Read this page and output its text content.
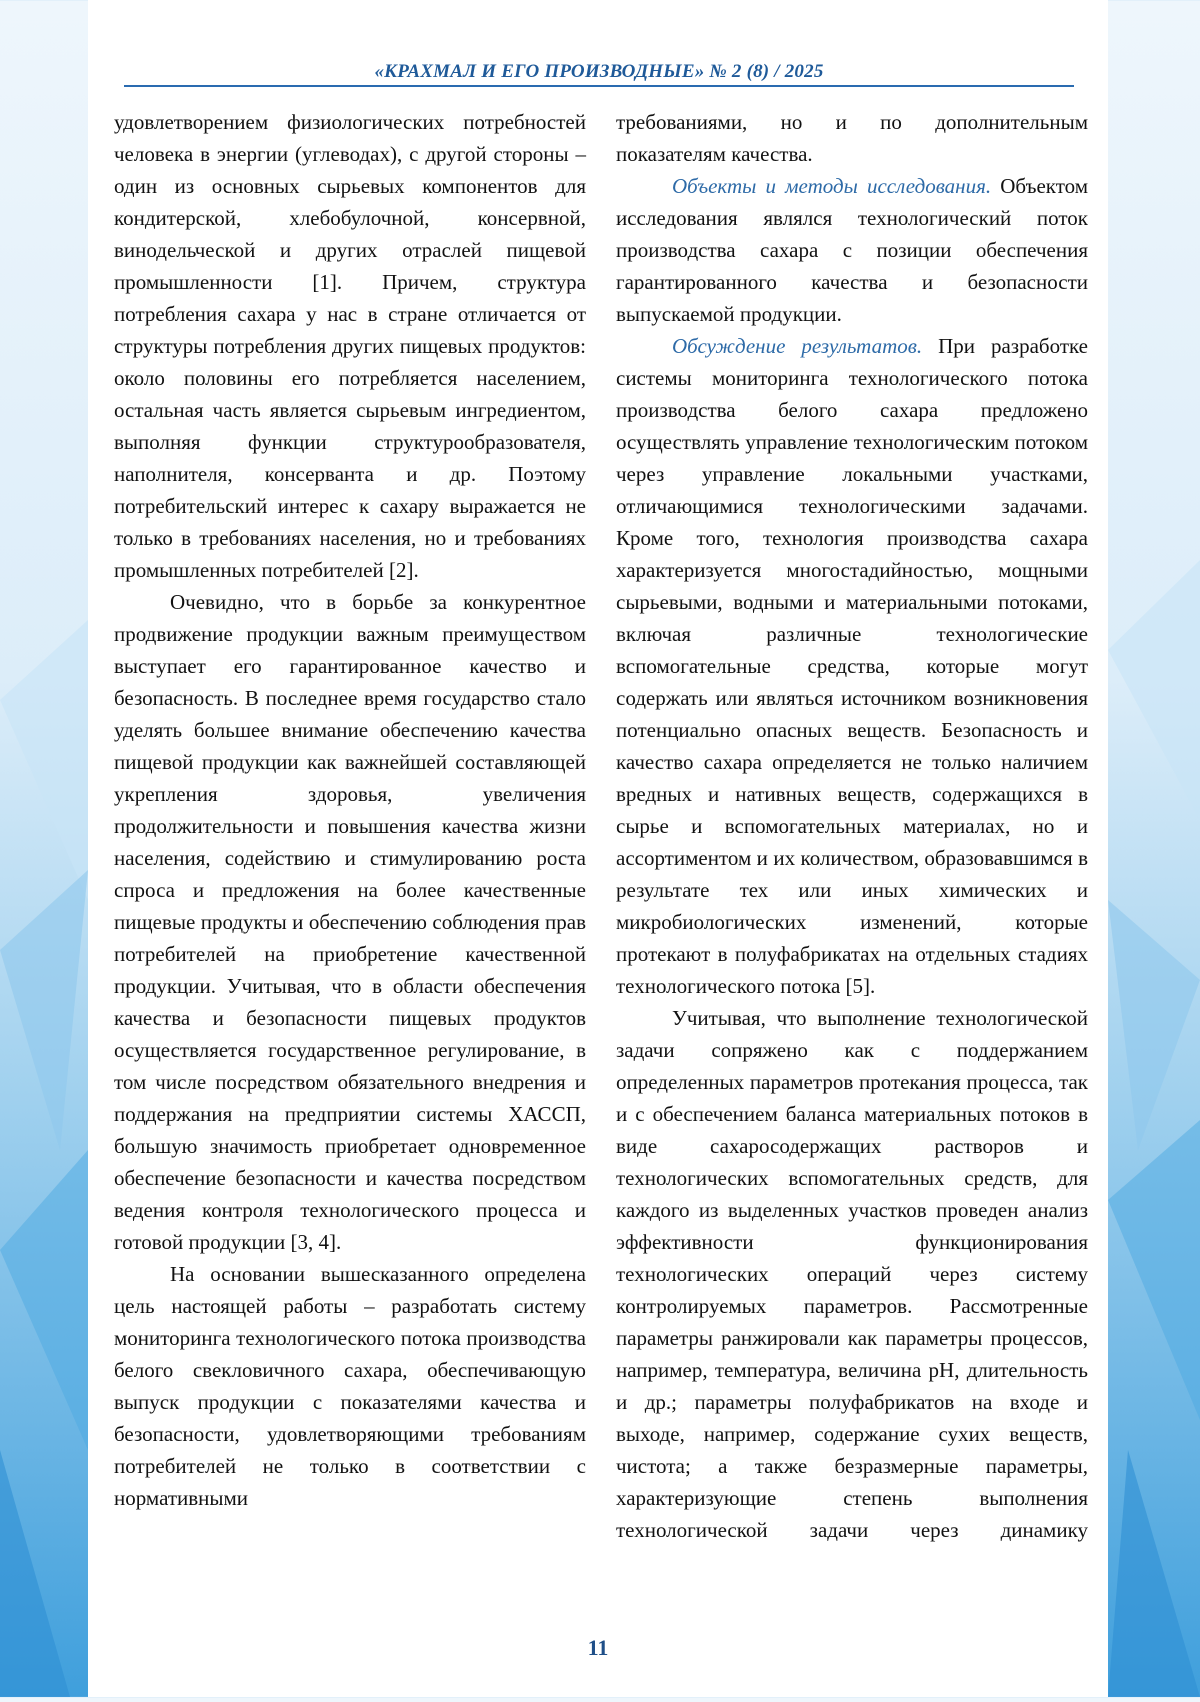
«КРАХМАЛ И ЕГО ПРОИЗВОДНЫЕ» № 2 (8) / 2025

удовлетворением физиологических потребностей человека в энергии (углеводах), с другой стороны – один из основных сырьевых компонентов для кондитерской, хлебобулочной, консервной, винодельческой и других отраслей пищевой промышленности [1]. Причем, структура потребления сахара у нас в стране отличается от структуры потребления других пищевых продуктов: около половины его потребляется населением, остальная часть является сырьевым ингредиентом, выполняя функции структурообразователя, наполнителя, консерванта и др. Поэтому потребительский интерес к сахару выражается не только в требованиях населения, но и требованиях промышленных потребителей [2].

Очевидно, что в борьбе за конкурентное продвижение продукции важным преимуществом выступает его гарантированное качество и безопасность. В последнее время государство стало уделять большее внимание обеспечению качества пищевой продукции как важнейшей составляющей укрепления здоровья, увеличения продолжительности и повышения качества жизни населения, содействию и стимулированию роста спроса и предложения на более качественные пищевые продукты и обеспечению соблюдения прав потребителей на приобретение качественной продукции. Учитывая, что в области обеспечения качества и безопасности пищевых продуктов осуществляется государственное регулирование, в том числе посредством обязательного внедрения и поддержания на предприятии системы ХАССП, большую значимость приобретает одновременное обеспечение безопасности и качества посредством ведения контроля технологического процесса и готовой продукции [3, 4].

На основании вышесказанного определена цель настоящей работы – разработать систему мониторинга технологического потока производства белого свекловичного сахара, обеспечивающую выпуск продукции с показателями качества и безопасности, удовлетворяющими требованиям потребителей не только в соответствии с нормативными

требованиями, но и по дополнительным показателям качества.

Объекты и методы исследования. Объектом исследования являлся технологический поток производства сахара с позиции обеспечения гарантированного качества и безопасности выпускаемой продукции.

Обсуждение результатов. При разработке системы мониторинга технологического потока производства белого сахара предложено осуществлять управление технологическим потоком через управление локальными участками, отличающимися технологическими задачами. Кроме того, технология производства сахара характеризуется многостадийностью, мощными сырьевыми, водными и материальными потоками, включая различные технологические вспомогательные средства, которые могут содержать или являться источником возникновения потенциально опасных веществ. Безопасность и качество сахара определяется не только наличием вредных и нативных веществ, содержащихся в сырье и вспомогательных материалах, но и ассортиментом и их количеством, образовавшимся в результате тех или иных химических и микробиологических изменений, которые протекают в полуфабрикатах на отдельных стадиях технологического потока [5].

Учитывая, что выполнение технологической задачи сопряжено как с поддержанием определенных параметров протекания процесса, так и с обеспечением баланса материальных потоков в виде сахаросодержащих растворов и технологических вспомогательных средств, для каждого из выделенных участков проведен анализ эффективности функционирования технологических операций через систему контролируемых параметров. Рассмотренные параметры ранжировали как параметры процессов, например, температура, величина pH, длительность и др.; параметры полуфабрикатов на входе и выходе, например, содержание сухих веществ, чистота; а также безразмерные параметры, характеризующие степень выполнения технологической задачи через динамику

11
